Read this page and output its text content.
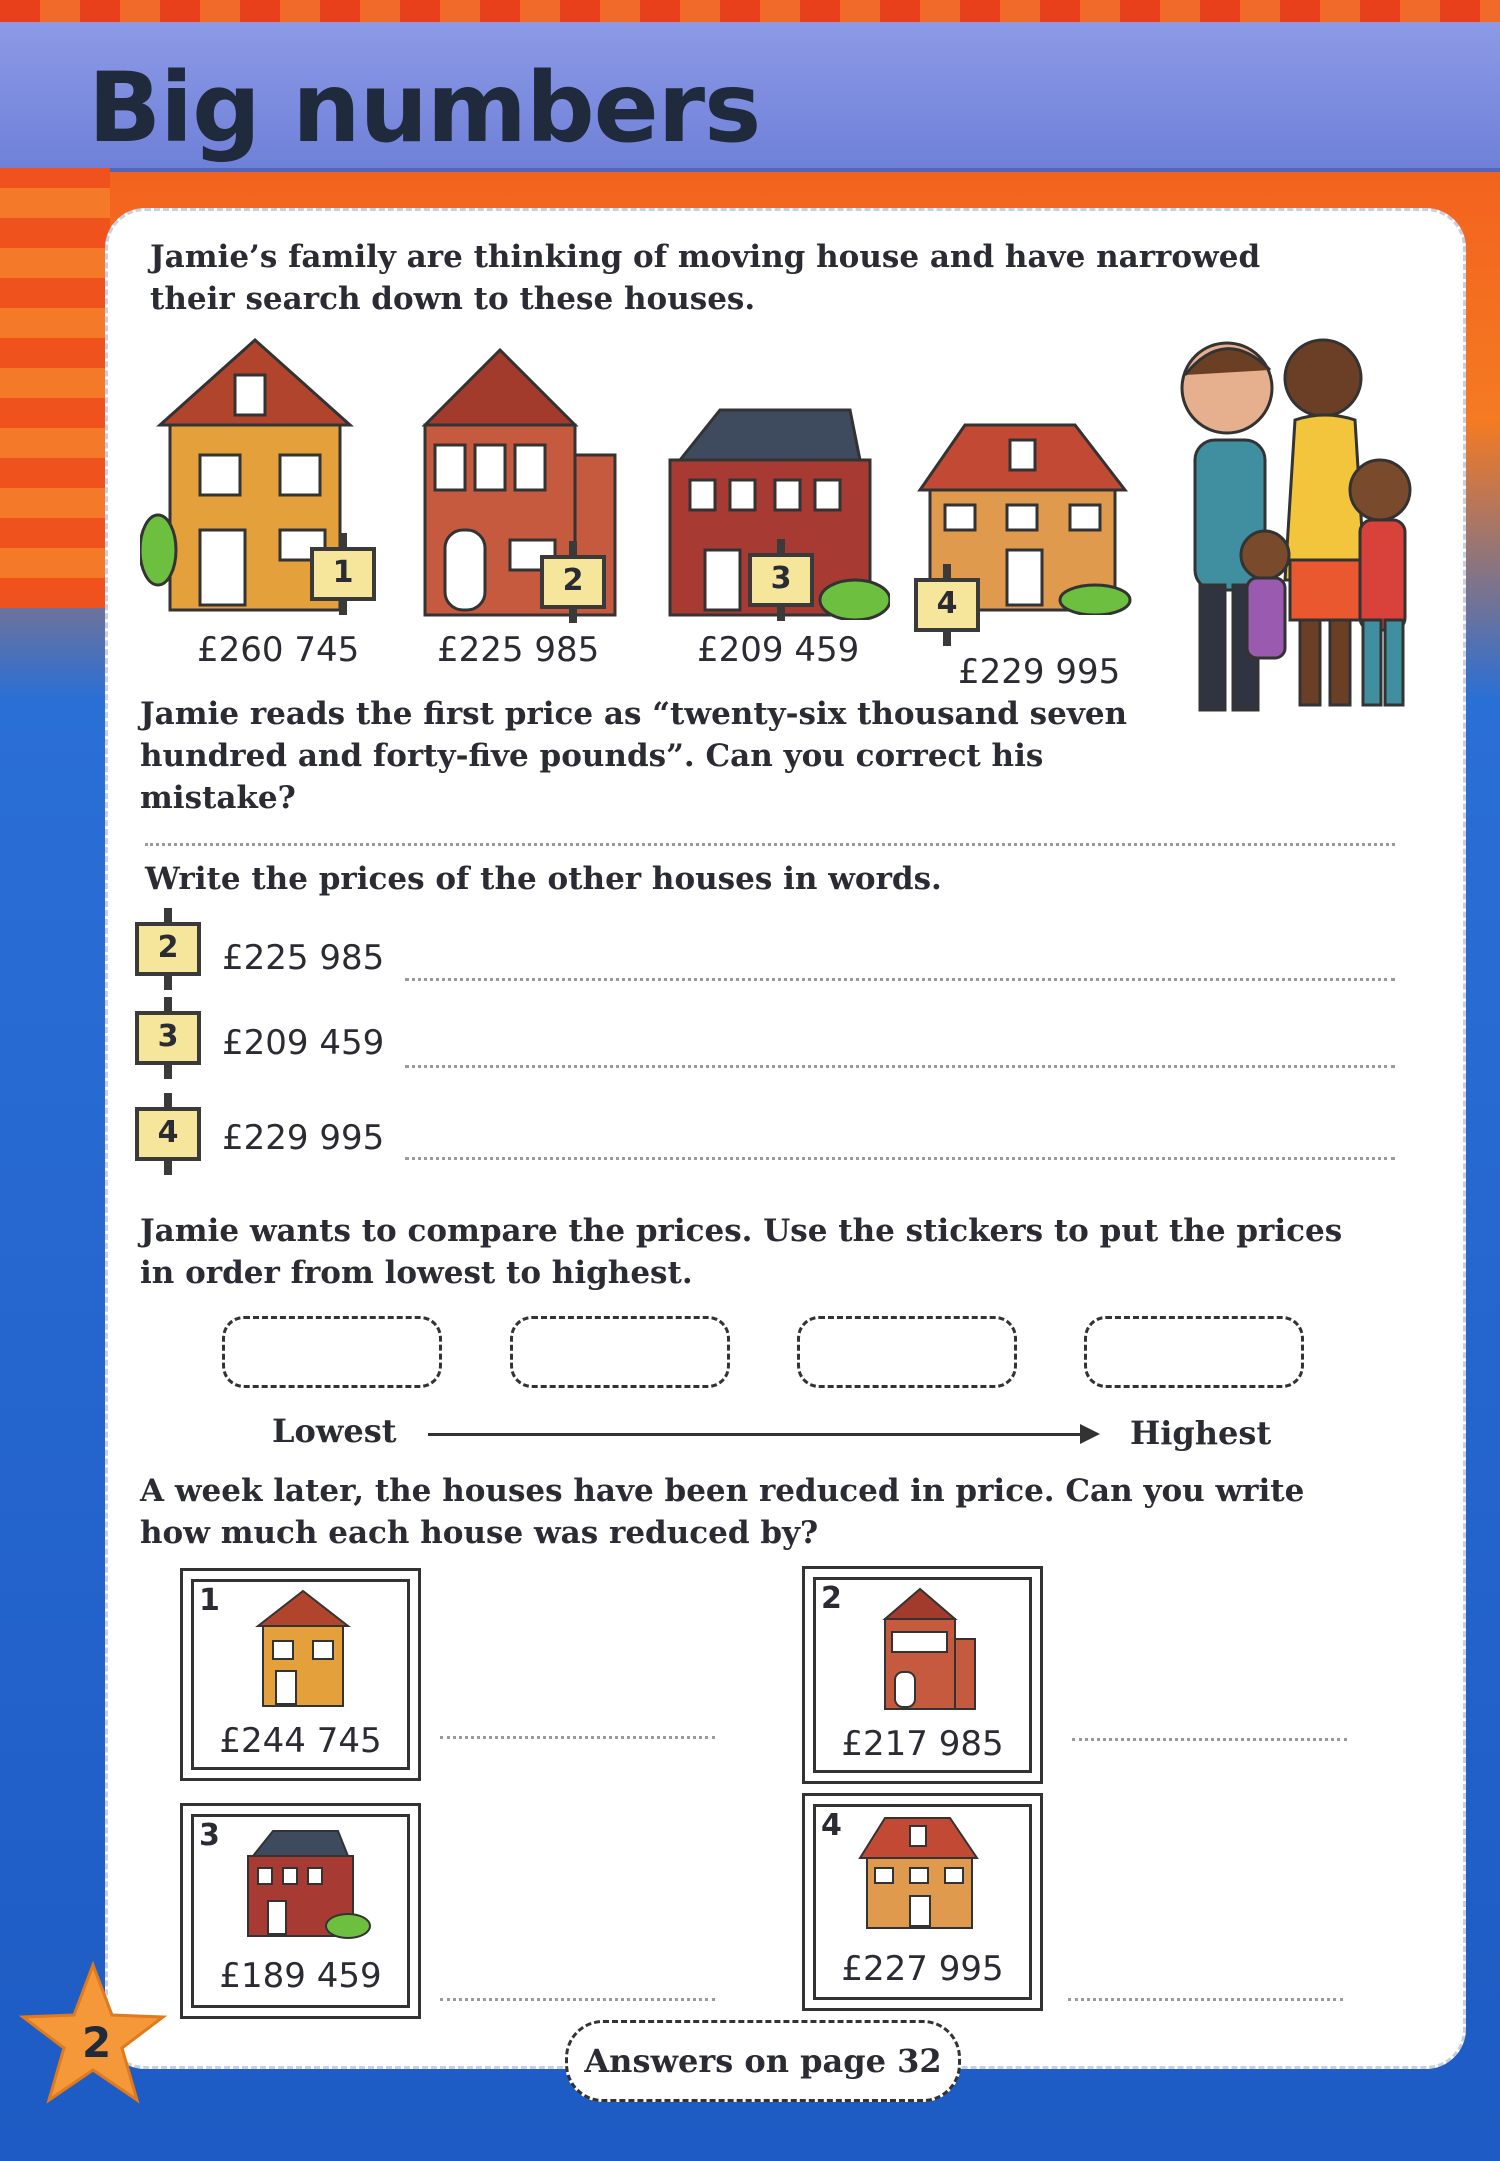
Big numbers
Jamie’s family are thinking of moving house and have narrowed their search down to these houses.
1
£260 745
2
£225 985
3
£209 459
4
£229 995
Jamie reads the first price as “twenty-six thousand seven hundred and forty-five pounds”. Can you correct his mistake?
Write the prices of the other houses in words.
2	£225 985
3	£209 459
4	£229 995
Jamie wants to compare the prices. Use the stickers to put the prices in order from lowest to highest.
Lowest	Highest
A week later, the houses have been reduced in price. Can you write how much each house was reduced by?
1
£244 745
2
£217 985
3
£189 459
4
£227 995
2	Answers on page 32
